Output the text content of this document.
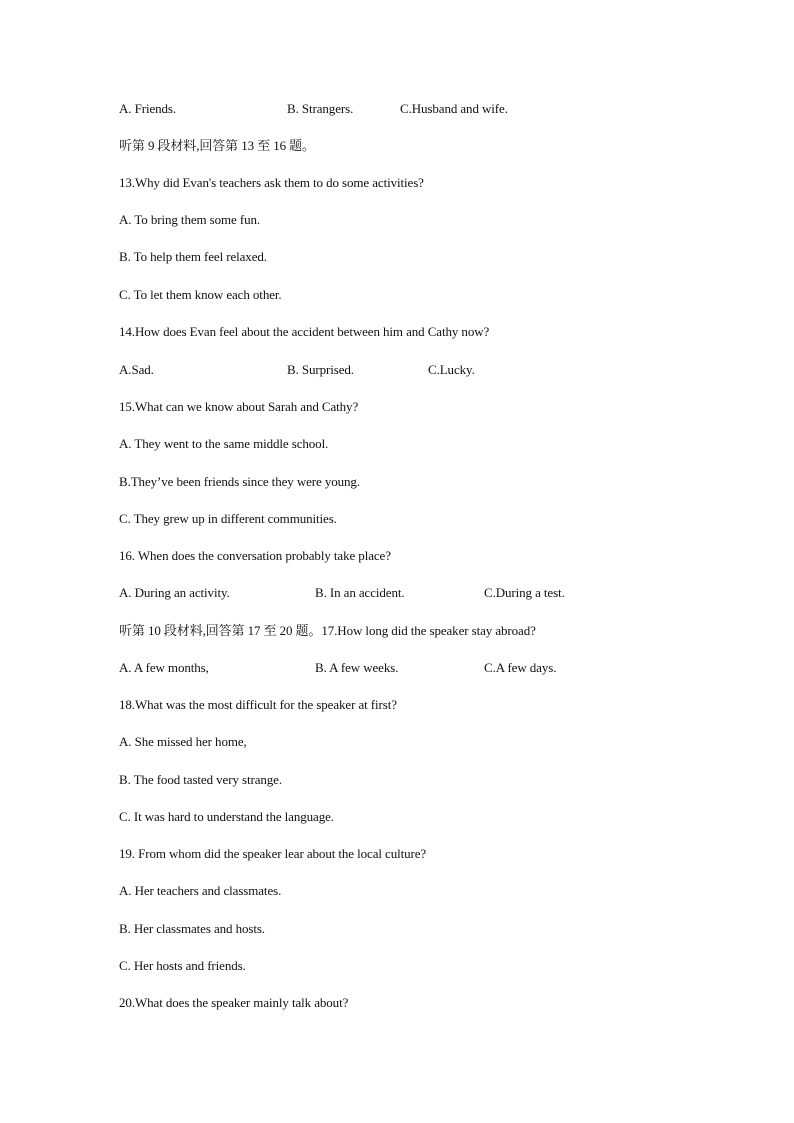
A. Friends.	B. Strangers.	C.Husband and wife.
听第 9 段材料,回答第 13 至 16 题。
13.Why did Evan's teachers ask them to do some activities?
A. To bring them some fun.
B. To help them feel relaxed.
C. To let them know each other.
14.How does Evan feel about the accident between him and Cathy now?
A.Sad.	B. Surprised.	C.Lucky.
15.What can we know about Sarah and Cathy?
A. They went to the same middle school.
B.They’ve been friends since they were young.
C. They grew up in different communities.
16. When does the conversation probably take place?
A. During an activity.	B. In an accident.	C.During a test.
听第 10 段材料,回答第 17 至 20 题。17.How long did the speaker stay abroad?
A. A few months,	B. A few weeks.	C.A few days.
18.What was the most difficult for the speaker at first?
A. She missed her home,
B. The food tasted very strange.
C. It was hard to understand the language.
19. From whom did the speaker lear about the local culture?
A. Her teachers and classmates.
B. Her classmates and hosts.
C. Her hosts and friends.
20.What does the speaker mainly talk about?
